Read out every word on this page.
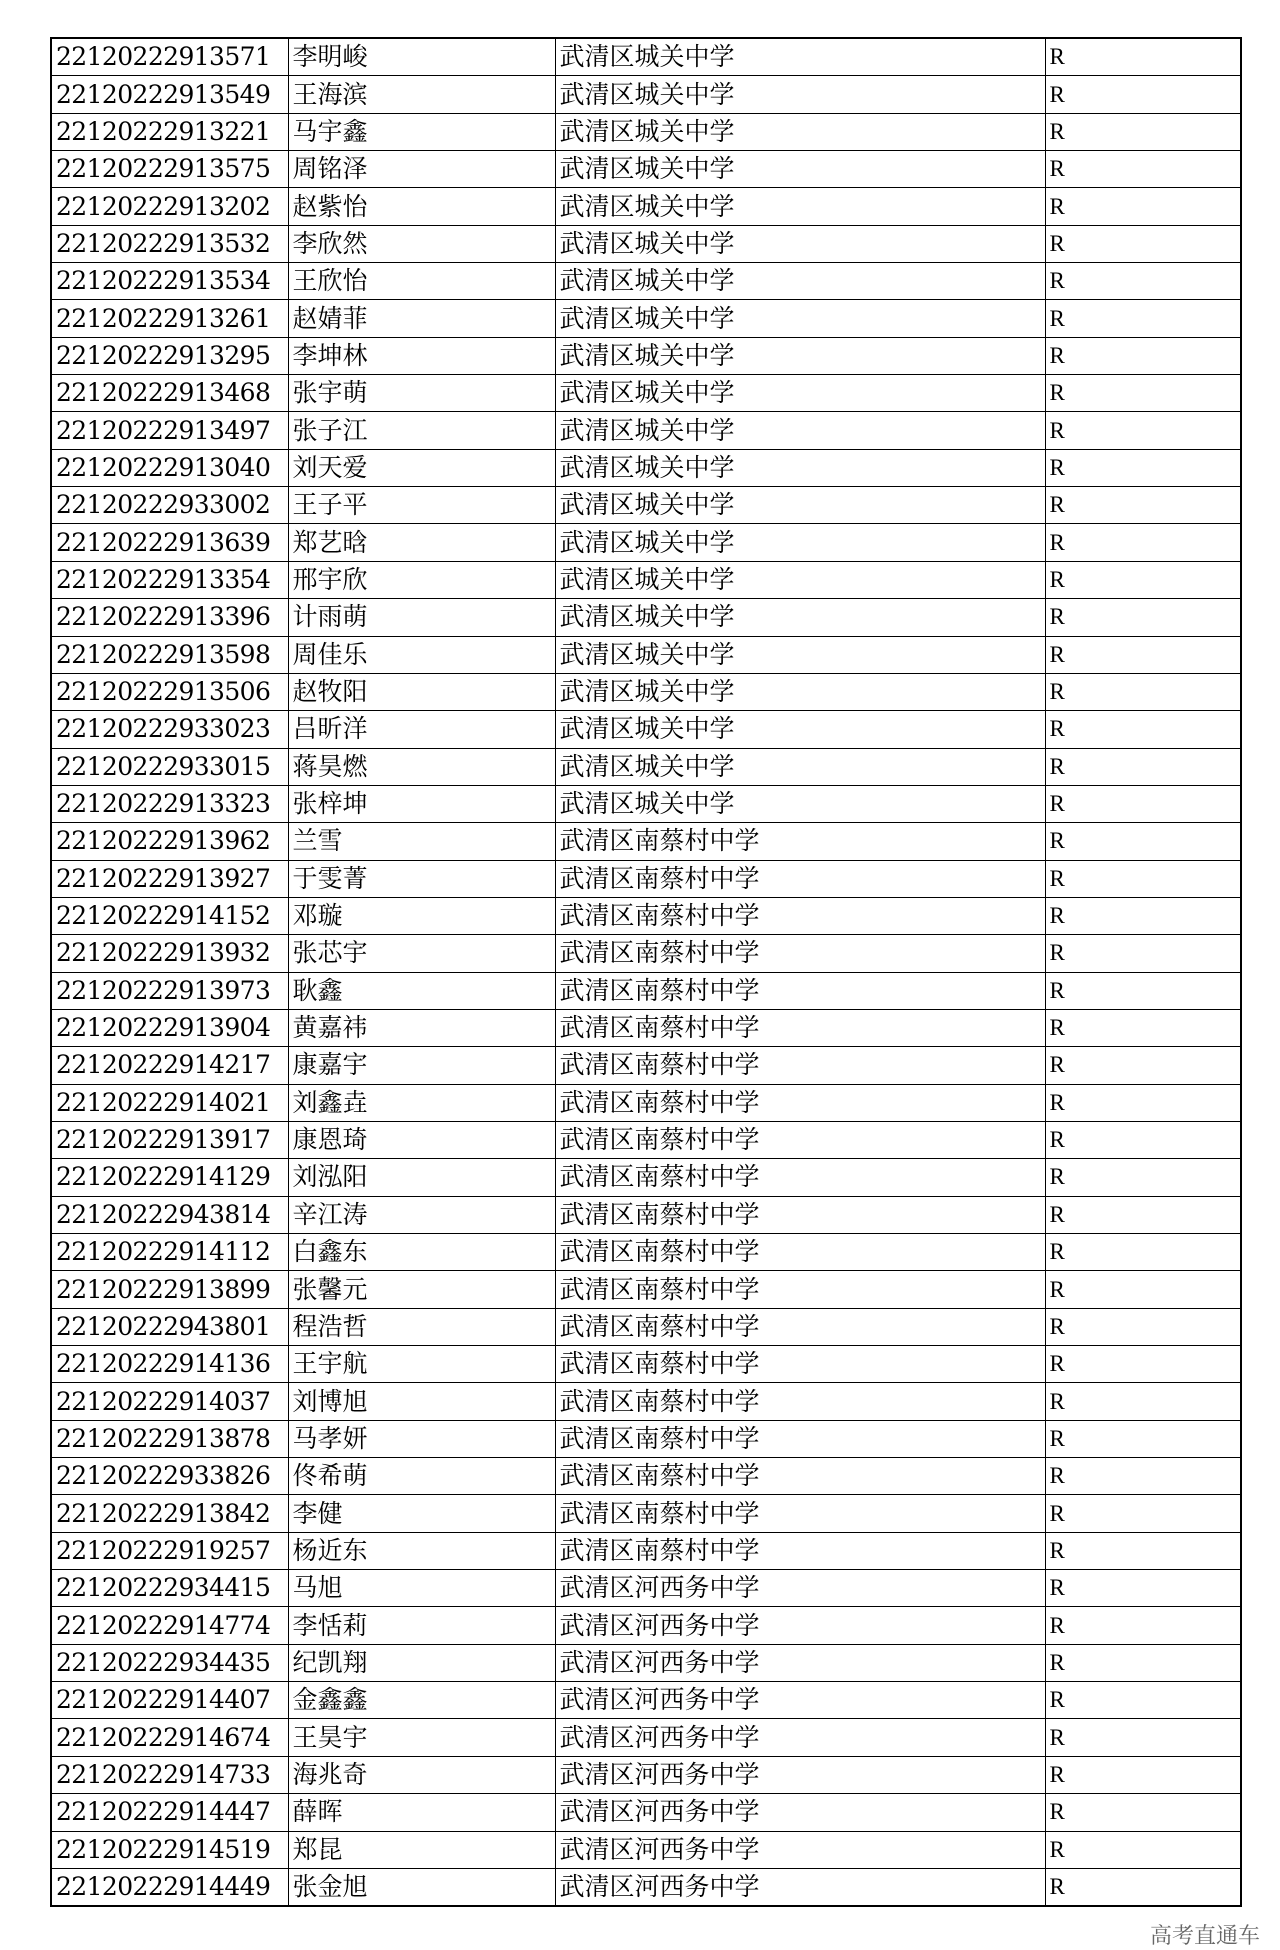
22120222913571	李明峻	武清区城关中学	R
22120222913549	王海滨	武清区城关中学	R
22120222913221	马宇鑫	武清区城关中学	R
22120222913575	周铭泽	武清区城关中学	R
22120222913202	赵紫怡	武清区城关中学	R
22120222913532	李欣然	武清区城关中学	R
22120222913534	王欣怡	武清区城关中学	R
22120222913261	赵婧菲	武清区城关中学	R
22120222913295	李坤林	武清区城关中学	R
22120222913468	张宇萌	武清区城关中学	R
22120222913497	张子江	武清区城关中学	R
22120222913040	刘天爱	武清区城关中学	R
22120222933002	王子平	武清区城关中学	R
22120222913639	郑艺晗	武清区城关中学	R
22120222913354	邢宇欣	武清区城关中学	R
22120222913396	计雨萌	武清区城关中学	R
22120222913598	周佳乐	武清区城关中学	R
22120222913506	赵牧阳	武清区城关中学	R
22120222933023	吕昕洋	武清区城关中学	R
22120222933015	蒋昊燃	武清区城关中学	R
22120222913323	张梓坤	武清区城关中学	R
22120222913962	兰雪	武清区南蔡村中学	R
22120222913927	于雯菁	武清区南蔡村中学	R
22120222914152	邓璇	武清区南蔡村中学	R
22120222913932	张芯宇	武清区南蔡村中学	R
22120222913973	耿鑫	武清区南蔡村中学	R
22120222913904	黄嘉祎	武清区南蔡村中学	R
22120222914217	康嘉宇	武清区南蔡村中学	R
22120222914021	刘鑫垚	武清区南蔡村中学	R
22120222913917	康恩琦	武清区南蔡村中学	R
22120222914129	刘泓阳	武清区南蔡村中学	R
22120222943814	辛江涛	武清区南蔡村中学	R
22120222914112	白鑫东	武清区南蔡村中学	R
22120222913899	张馨元	武清区南蔡村中学	R
22120222943801	程浩哲	武清区南蔡村中学	R
22120222914136	王宇航	武清区南蔡村中学	R
22120222914037	刘博旭	武清区南蔡村中学	R
22120222913878	马孝妍	武清区南蔡村中学	R
22120222933826	佟希萌	武清区南蔡村中学	R
22120222913842	李健	武清区南蔡村中学	R
22120222919257	杨近东	武清区南蔡村中学	R
22120222934415	马旭	武清区河西务中学	R
22120222914774	李恬莉	武清区河西务中学	R
22120222934435	纪凯翔	武清区河西务中学	R
22120222914407	金鑫鑫	武清区河西务中学	R
22120222914674	王昊宇	武清区河西务中学	R
22120222914733	海兆奇	武清区河西务中学	R
22120222914447	薛晖	武清区河西务中学	R
22120222914519	郑昆	武清区河西务中学	R
22120222914449	张金旭	武清区河西务中学	R
高考直通车
